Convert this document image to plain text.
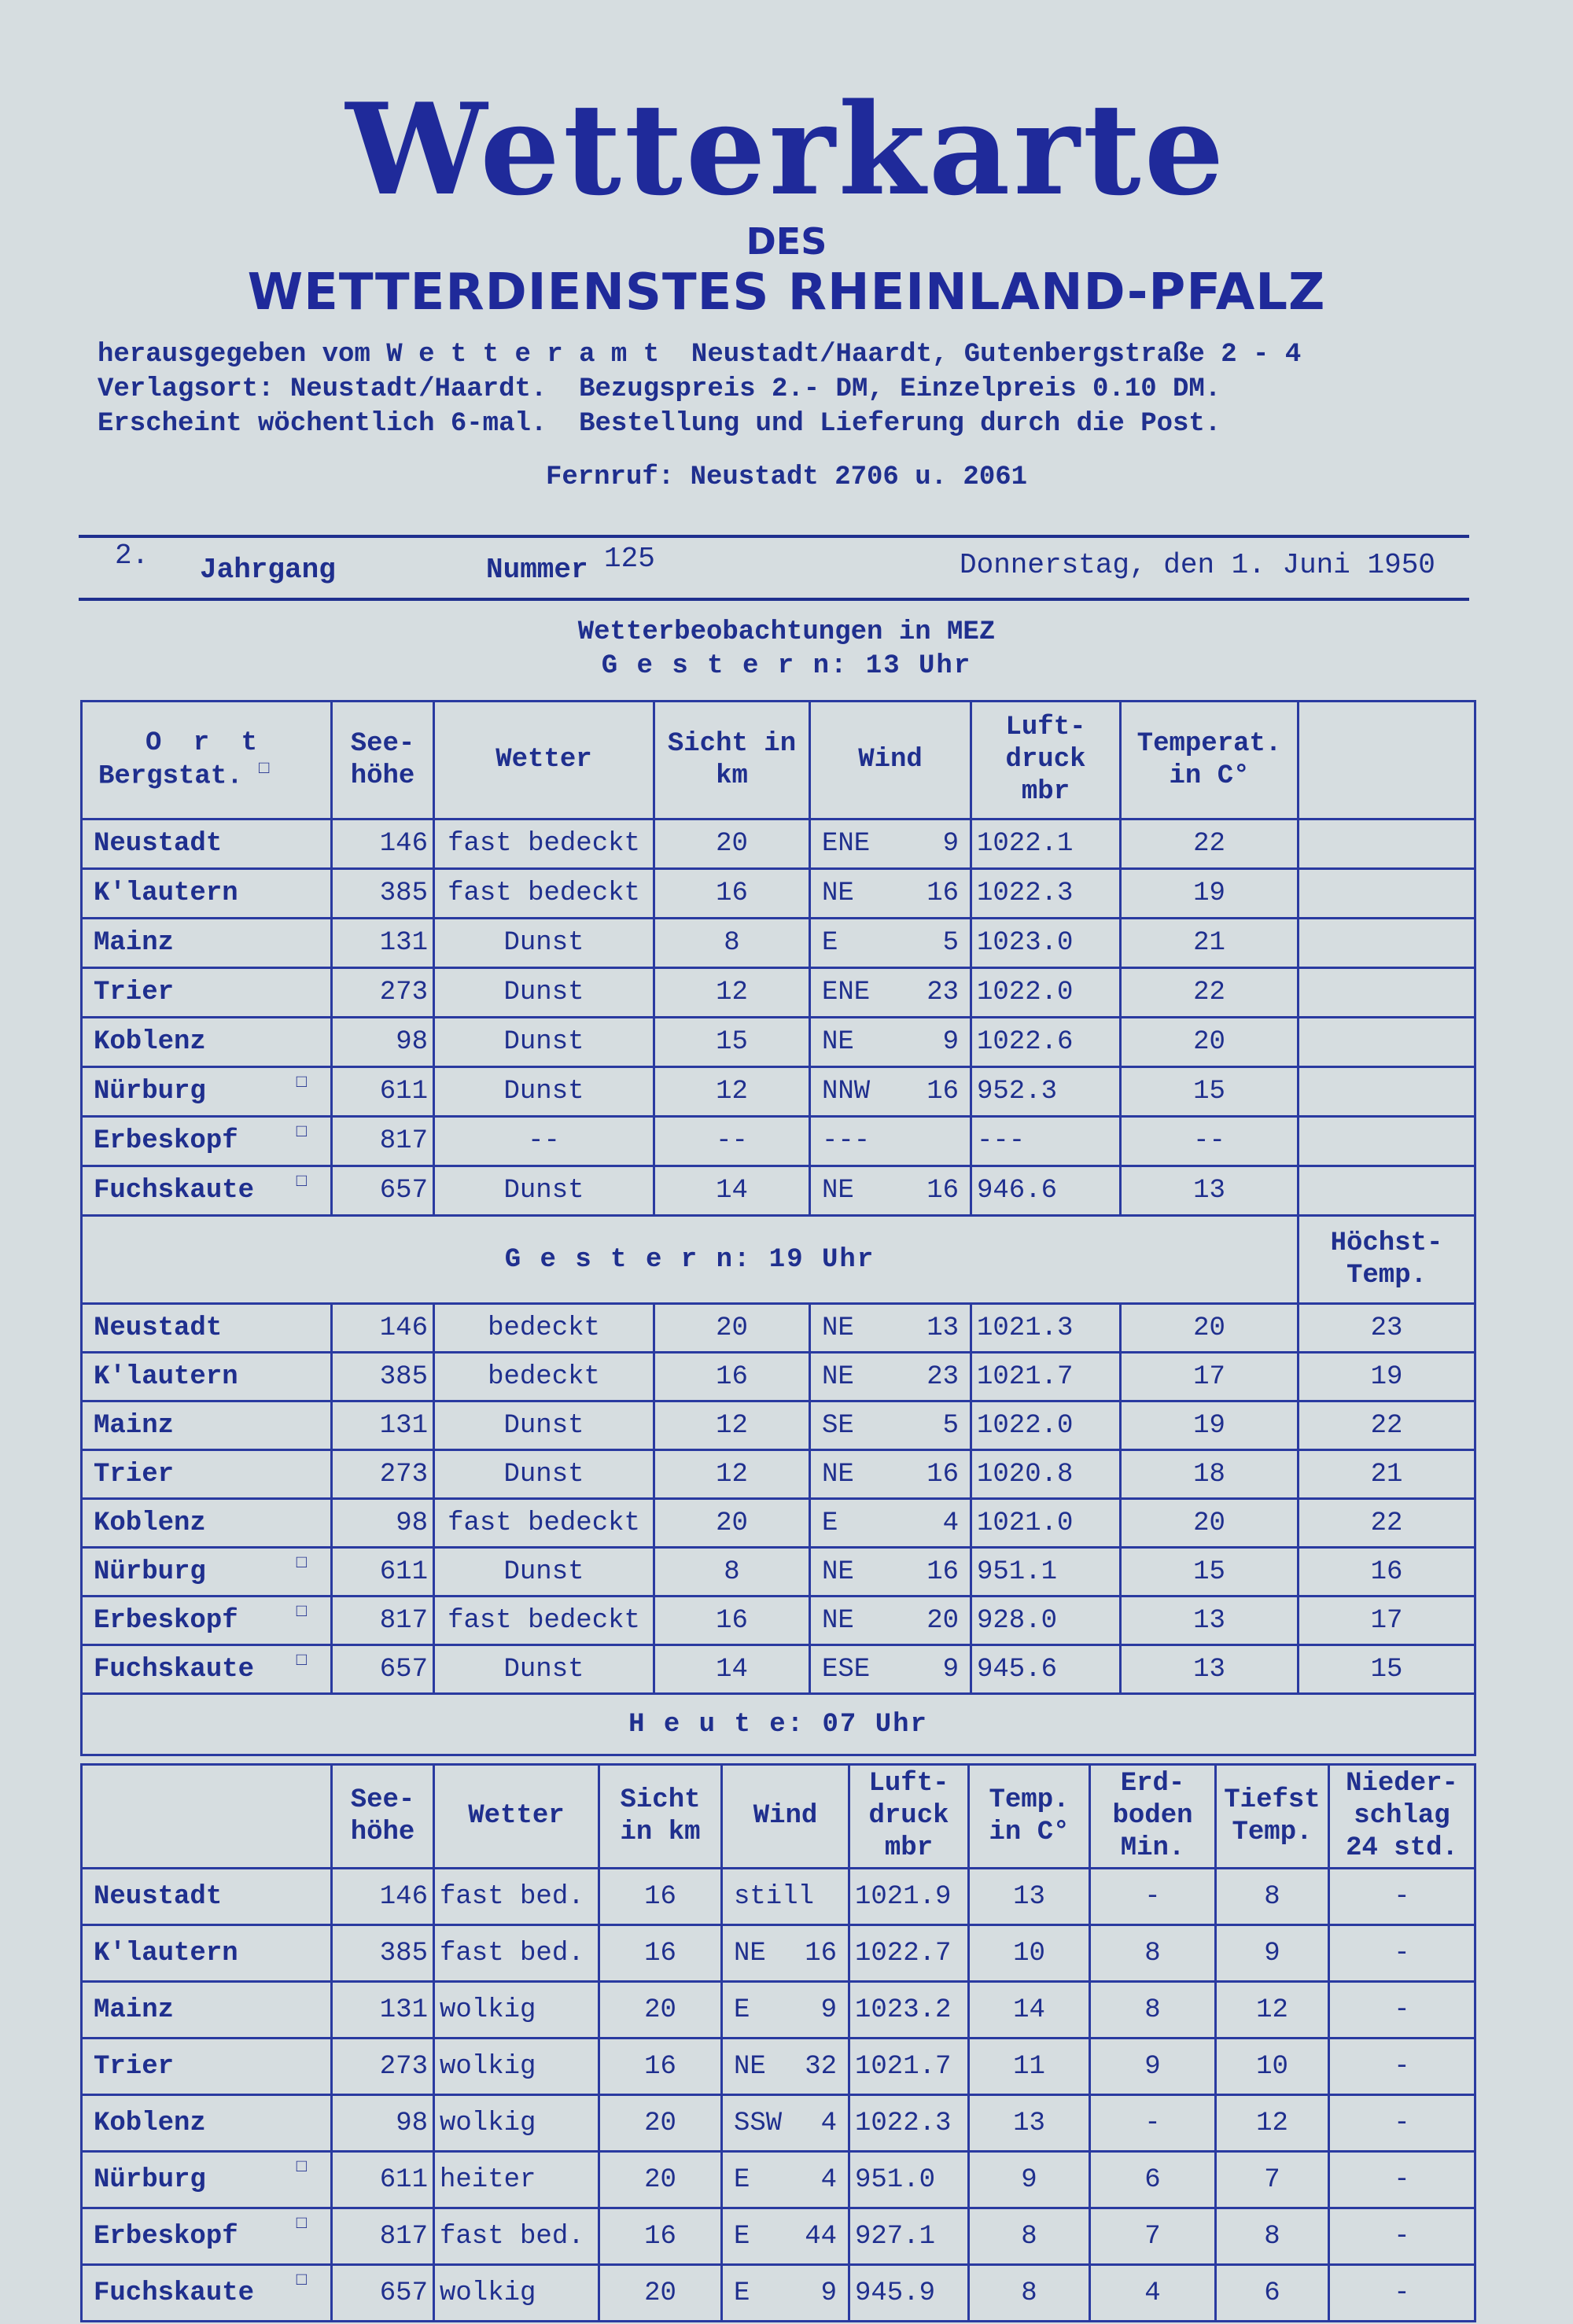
Wetterkarte
DES
WETTERDIENSTES RHEINLAND-PFALZ
herausgegeben vom W e t t e r a m t  Neustadt/Haardt, Gutenbergstraße 2 - 4
Verlagsort: Neustadt/Haardt.  Bezugspreis 2.- DM, Einzelpreis 0.10 DM.
Erscheint wöchentlich 6-mal.  Bestellung und Lieferung durch die Post.
Fernruf: Neustadt 2706 u. 2061
2. Jahrgang	Nummer 125	Donnerstag, den 1. Juni 1950
Wetterbeobachtungen in MEZ
G e s t e r n: 13 Uhr
O r t
Bergstat. □	See- höhe	Wetter	Sicht in km	Wind	Luft- druck mbr	Temperat. in C°	
Neustadt	146	fast bedeckt	20	ENE 9	1022.1	22	
K'lautern	385	fast bedeckt	16	NE 16	1022.3	19	
Mainz	131	Dunst	8	E 5	1023.0	21	
Trier	273	Dunst	12	ENE 23	1022.0	22	
Koblenz	98	Dunst	15	NE 9	1022.6	20	
Nürburg □	611	Dunst	12	NNW 16	952.3	15	
Erbeskopf □	817	--	--	---	---	--	
Fuchskaute □	657	Dunst	14	NE 16	946.6	13	
G e s t e r n: 19 Uhr							Höchst- Temp.
Neustadt	146	bedeckt	20	NE 13	1021.3	20	23
K'lautern	385	bedeckt	16	NE 23	1021.7	17	19
Mainz	131	Dunst	12	SE 5	1022.0	19	22
Trier	273	Dunst	12	NE 16	1020.8	18	21
Koblenz	98	fast bedeckt	20	E 4	1021.0	20	22
Nürburg □	611	Dunst	8	NE 16	951.1	15	16
Erbeskopf □	817	fast bedeckt	16	NE 20	928.0	13	17
Fuchskaute □	657	Dunst	14	ESE 9	945.6	13	15
H e u t e: 07 Uhr							
	See- höhe	Wetter	Sicht in km	Wind	Luft- druck mbr	Temp. in C°	Erd- boden Min.	Tiefst Temp.	Nieder- schlag 24 std.
Neustadt	146	fast bed.	16	still	1021.9	13	-	8	-
K'lautern	385	fast bed.	16	NE 16	1022.7	10	8	9	-
Mainz	131	wolkig	20	E 9	1023.2	14	8	12	-
Trier	273	wolkig	16	NE 32	1021.7	11	9	10	-
Koblenz	98	wolkig	20	SSW 4	1022.3	13	-	12	-
Nürburg □	611	heiter	20	E 4	951.0	9	6	7	-
Erbeskopf □	817	fast bed.	16	E 44	927.1	8	7	8	-
Fuchskaute □	657	wolkig	20	E 9	945.9	8	4	6	-
